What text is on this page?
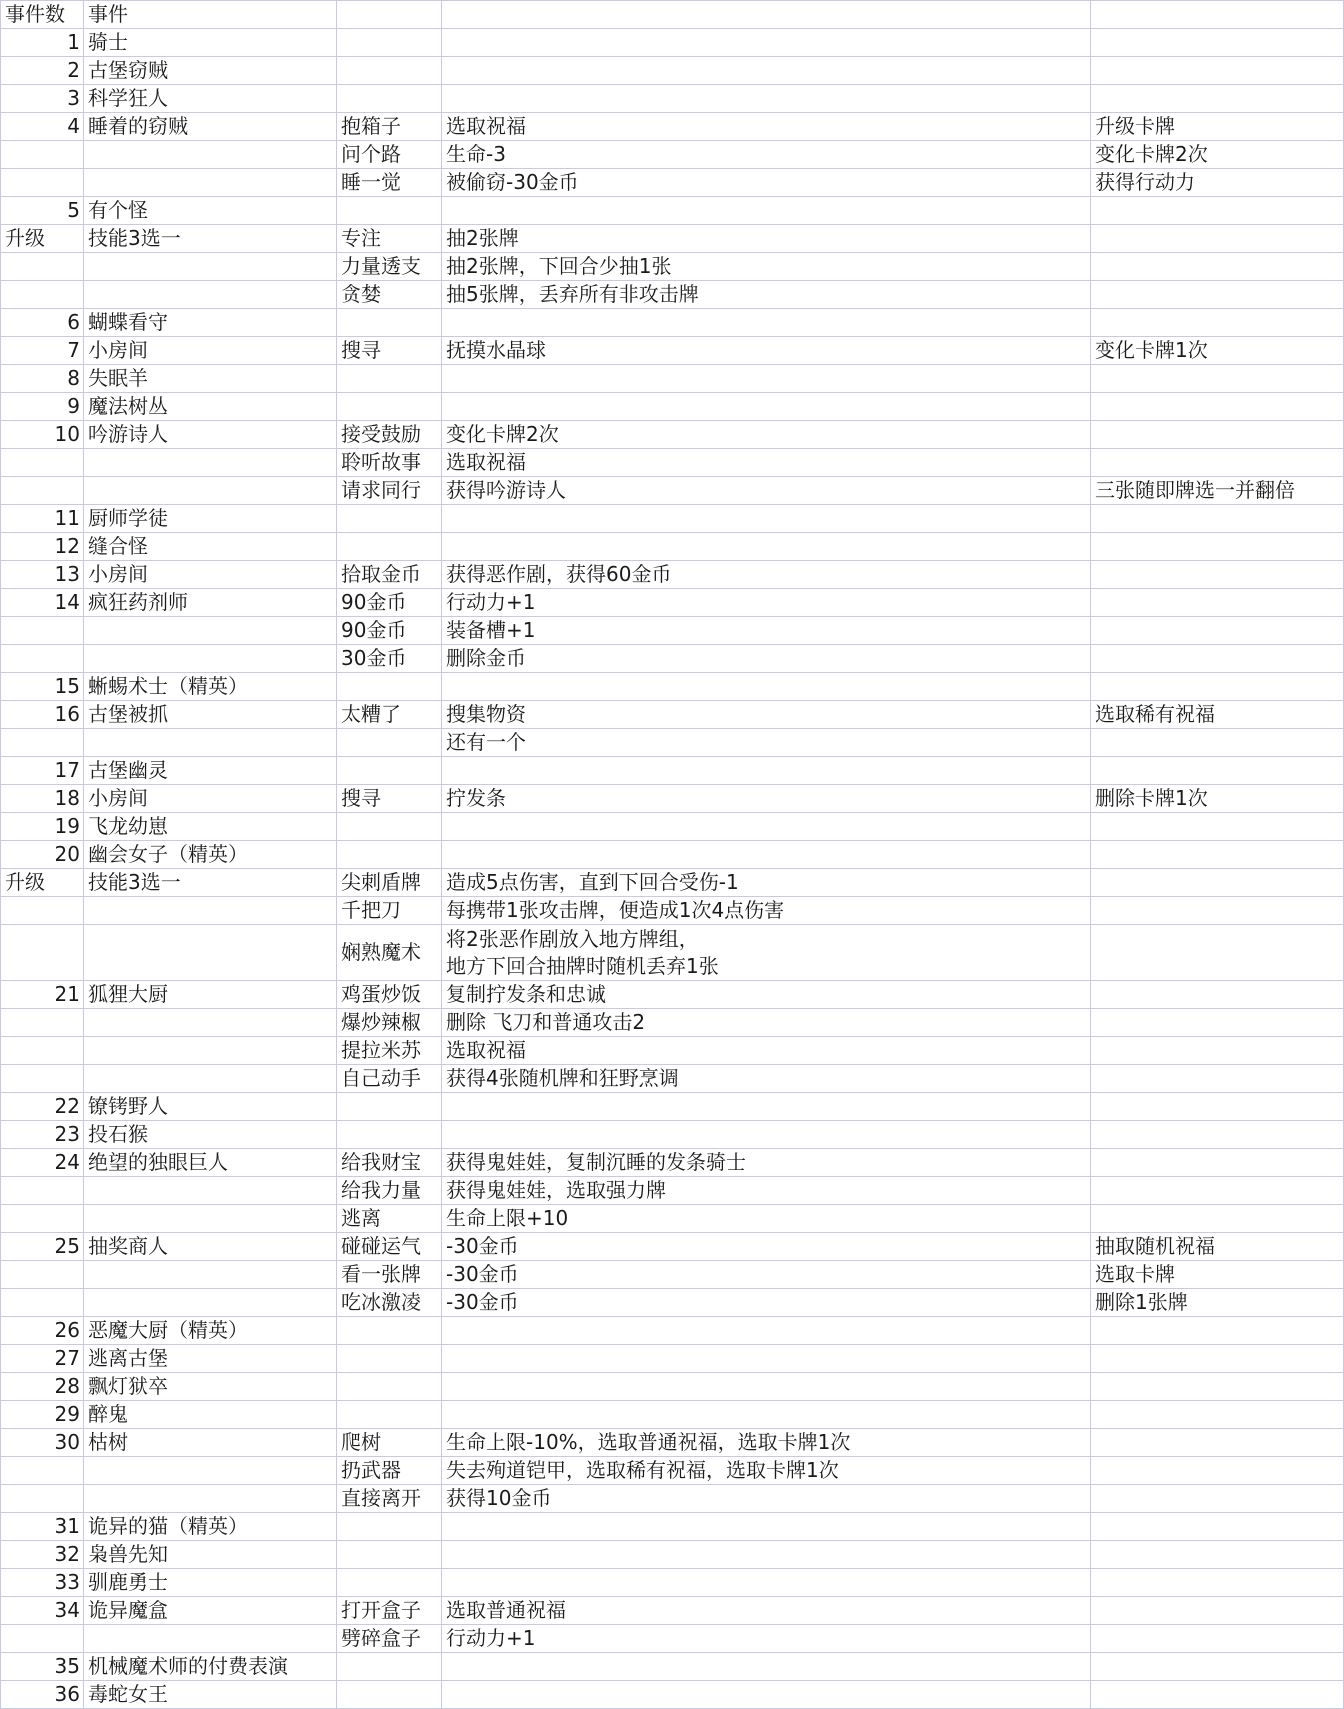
事件数	事件			
1	骑士			
2	古堡窃贼			
3	科学狂人			
4	睡着的窃贼	抱箱子	选取祝福	升级卡牌
		问个路	生命-3	变化卡牌2次
		睡一觉	被偷窃-30金币	获得行动力
5	有个怪			
升级	技能3选一	专注	抽2张牌	
		力量透支	抽2张牌，下回合少抽1张	
		贪婪	抽5张牌，丢弃所有非攻击牌	
6	蝴蝶看守			
7	小房间	搜寻	抚摸水晶球	变化卡牌1次
8	失眠羊			
9	魔法树丛			
10	吟游诗人	接受鼓励	变化卡牌2次	
		聆听故事	选取祝福	
		请求同行	获得吟游诗人	三张随即牌选一并翻倍
11	厨师学徒			
12	缝合怪			
13	小房间	拾取金币	获得恶作剧，获得60金币	
14	疯狂药剂师	90金币	行动力+1	
		90金币	装备槽+1	
		30金币	删除金币	
15	蜥蜴术士（精英）			
16	古堡被抓	太糟了	搜集物资	选取稀有祝福
			还有一个	
17	古堡幽灵			
18	小房间	搜寻	拧发条	删除卡牌1次
19	飞龙幼崽			
20	幽会女子（精英）			
升级	技能3选一	尖刺盾牌	造成5点伤害，直到下回合受伤-1	
		千把刀	每携带1张攻击牌，便造成1次4点伤害	
		娴熟魔术	将2张恶作剧放入地方牌组，
地方下回合抽牌时随机丢弃1张	
21	狐狸大厨	鸡蛋炒饭	复制拧发条和忠诚	
		爆炒辣椒	删除 飞刀和普通攻击2	
		提拉米苏	选取祝福	
		自己动手	获得4张随机牌和狂野烹调	
22	镣铐野人			
23	投石猴			
24	绝望的独眼巨人	给我财宝	获得鬼娃娃，复制沉睡的发条骑士	
		给我力量	获得鬼娃娃，选取强力牌	
		逃离	生命上限+10	
25	抽奖商人	碰碰运气	-30金币	抽取随机祝福
		看一张牌	-30金币	选取卡牌
		吃冰激凌	-30金币	删除1张牌
26	恶魔大厨（精英）			
27	逃离古堡			
28	飘灯狱卒			
29	醉鬼			
30	枯树	爬树	生命上限-10%，选取普通祝福，选取卡牌1次	
		扔武器	失去殉道铠甲，选取稀有祝福，选取卡牌1次	
		直接离开	获得10金币	
31	诡异的猫（精英）			
32	枭兽先知			
33	驯鹿勇士			
34	诡异魔盒	打开盒子	选取普通祝福	
		劈碎盒子	行动力+1	
35	机械魔术师的付费表演			
36	毒蛇女王			
